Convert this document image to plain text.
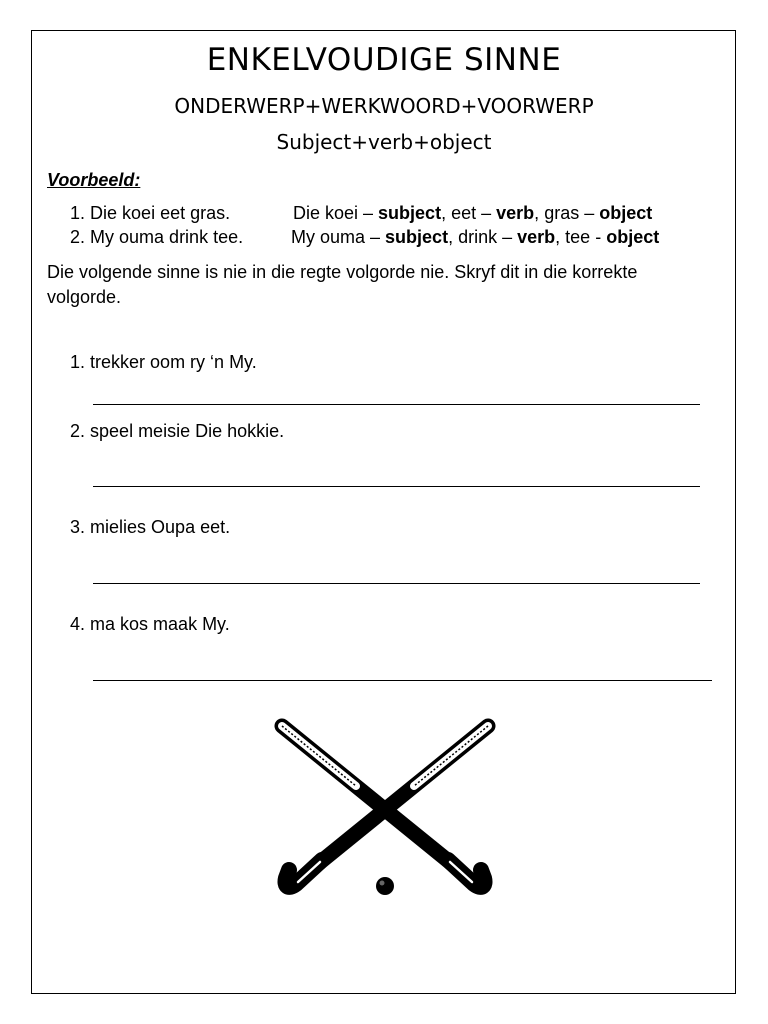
ENKELVOUDIGE SINNE
ONDERWERP+WERKWOORD+VOORWERP
Subject+verb+object
Voorbeeld:
1. Die koei eet gras.	Die koei – subject, eet – verb, gras – object
2. My ouma drink tee.	My ouma – subject, drink – verb, tee - object
Die volgende sinne is nie in die regte volgorde nie. Skryf dit in die korrekte volgorde.
1. trekker oom ry ‘n My.
2. speel meisie Die hokkie.
3. mielies Oupa eet.
4. ma kos maak My.
